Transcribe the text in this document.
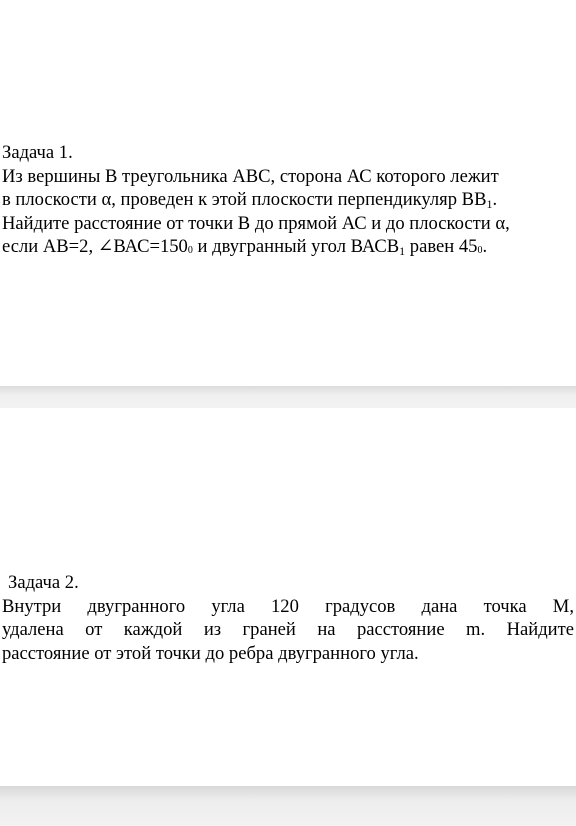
Задача 1.
Из вершины В треугольника АВС, сторона АС которого лежит
в плоскости α, проведен к этой плоскости перпендикуляр $ВВ_1$.
Найдите расстояние от точки В до прямой АС и до плоскости α,
если АВ=2, $\angle ВАС=150^0$ и двугранный угол $ВАСВ_1$ равен $45^0$.
Задача 2.
Внутри двугранного угла 120 градусов дана точка М,
удалена от каждой из граней на расстояние m. Найдите
расстояние от этой точки до ребра двугранного угла.
